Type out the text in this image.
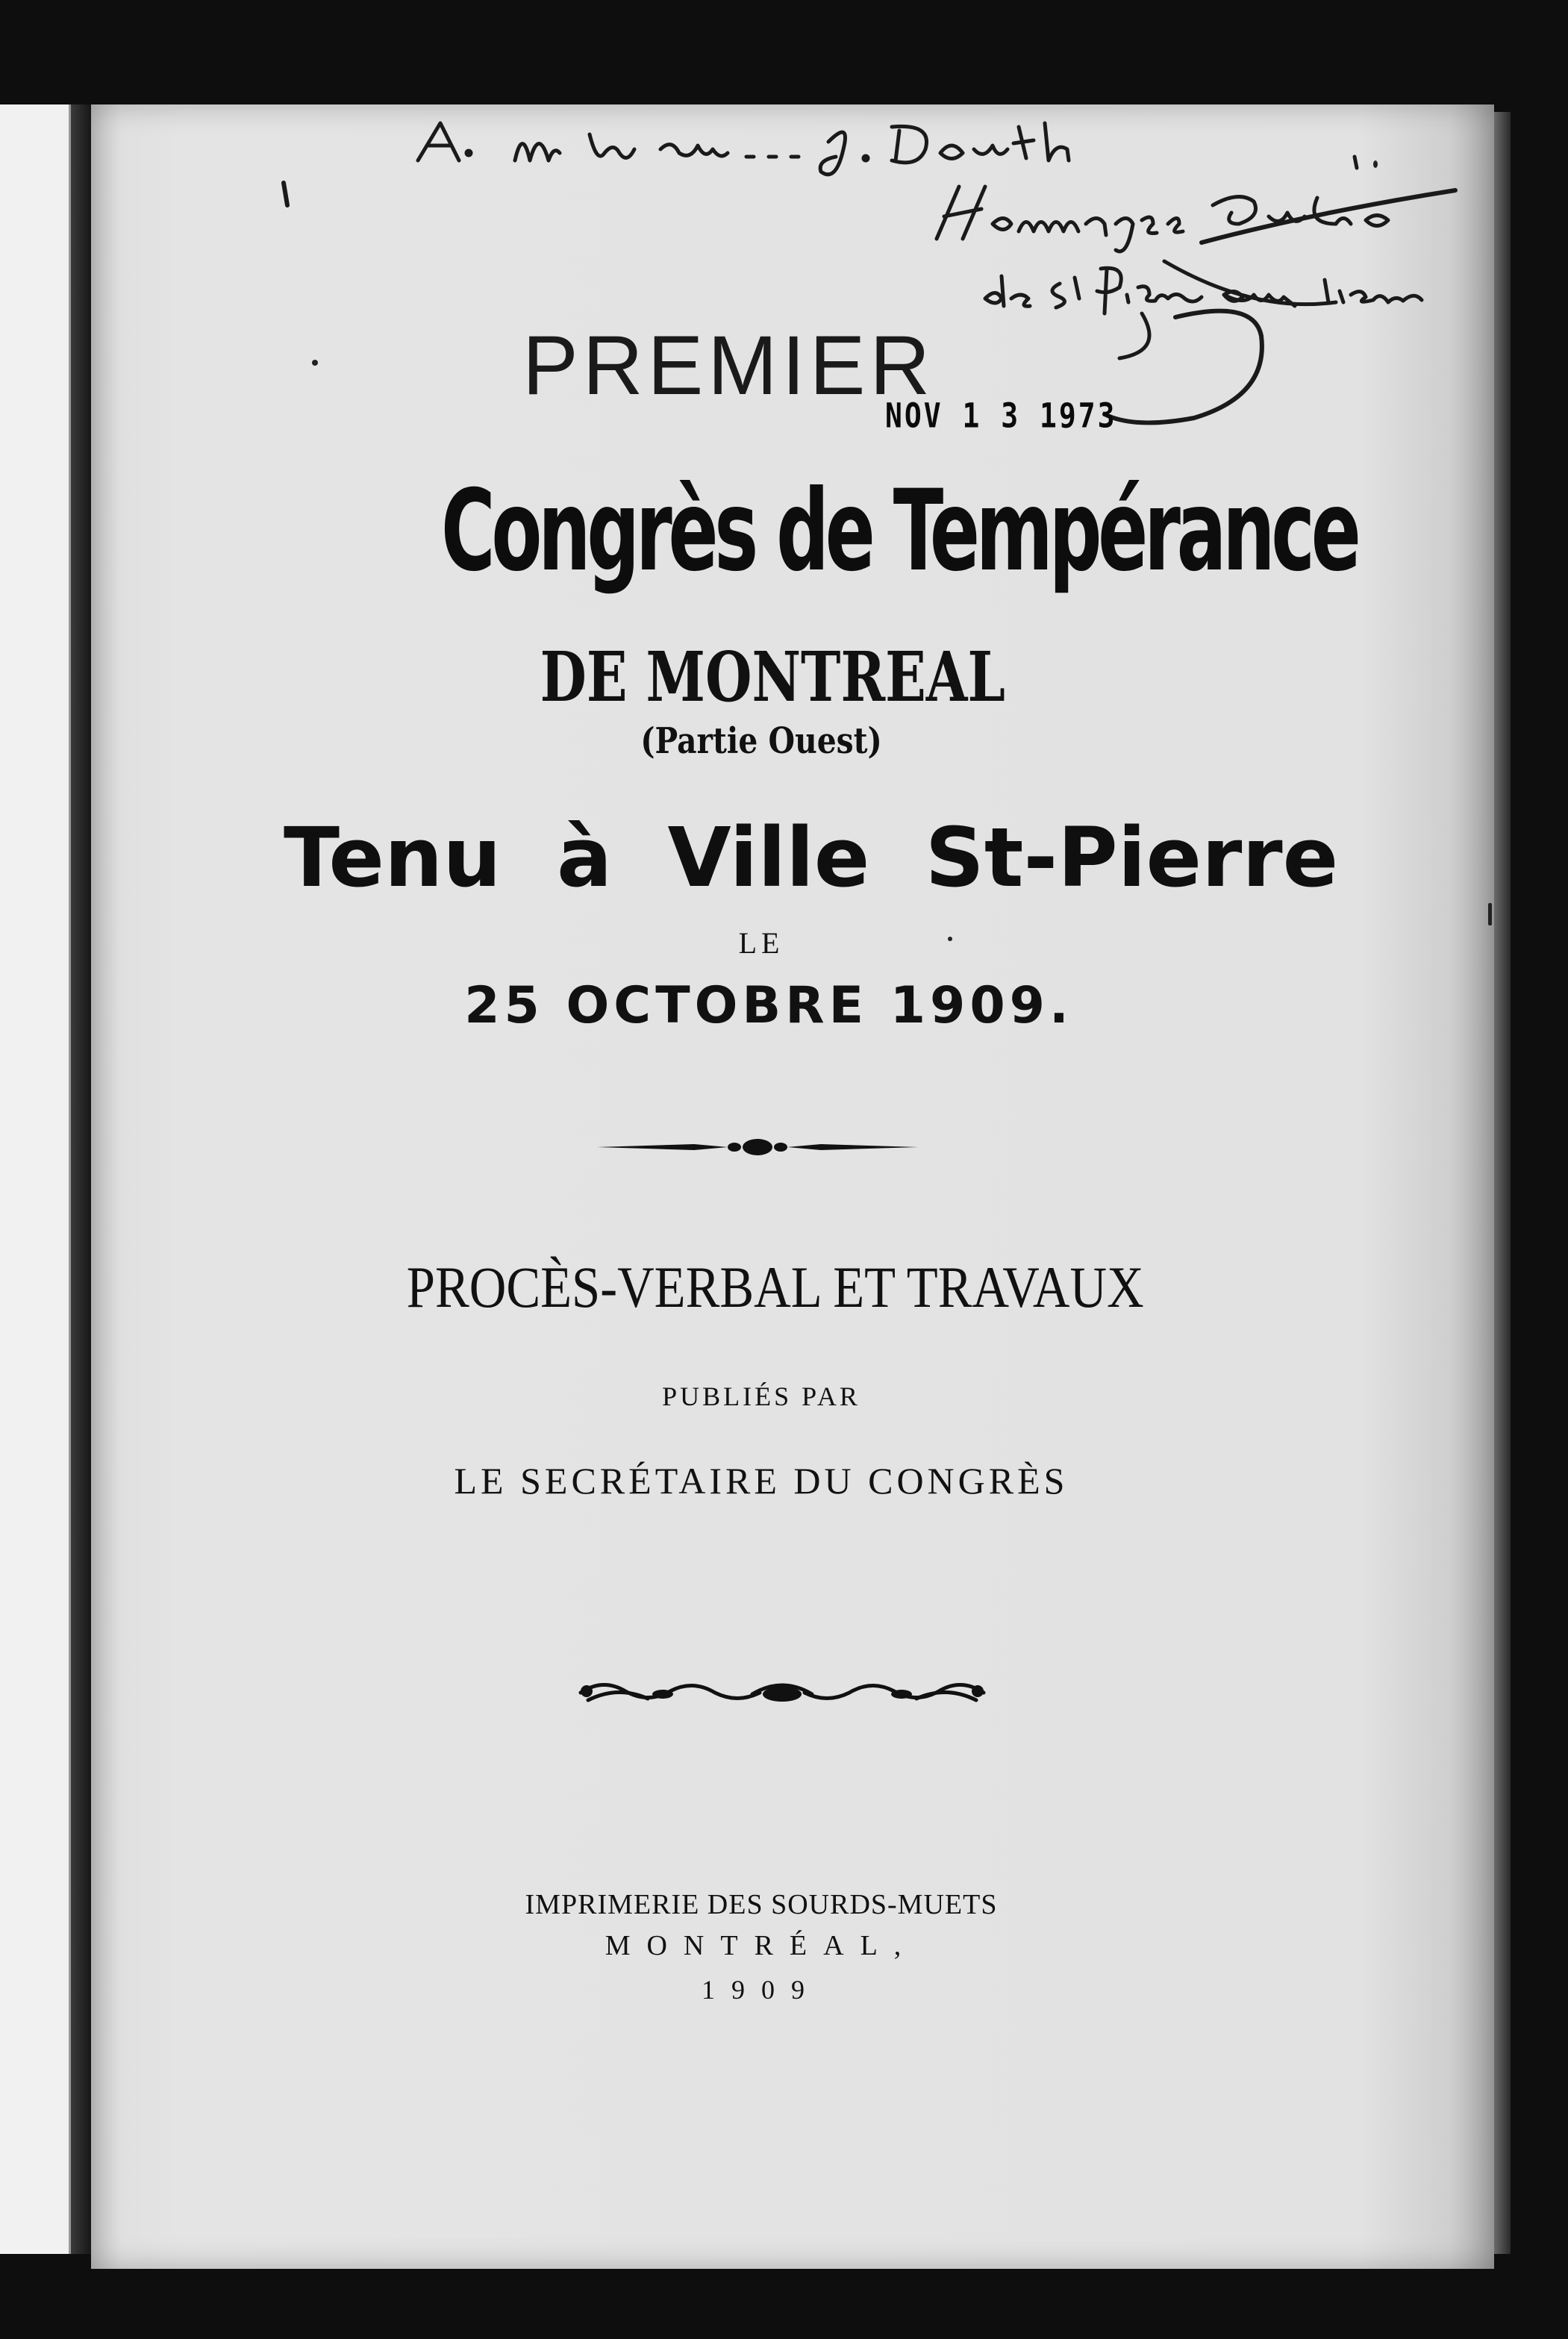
PREMIER
NOV 1 3 1973
Congrès de Tempérance
DE MONTREAL
(Partie Ouest)
Tenu à Ville St-Pierre
LE
25 OCTOBRE 1909.
PROCÈS-VERBAL ET TRAVAUX
PUBLIÉS PAR
LE SECRÉTAIRE DU CONGRÈS
IMPRIMERIE DES SOURDS-MUETS
MONTRÉAL,
1909
